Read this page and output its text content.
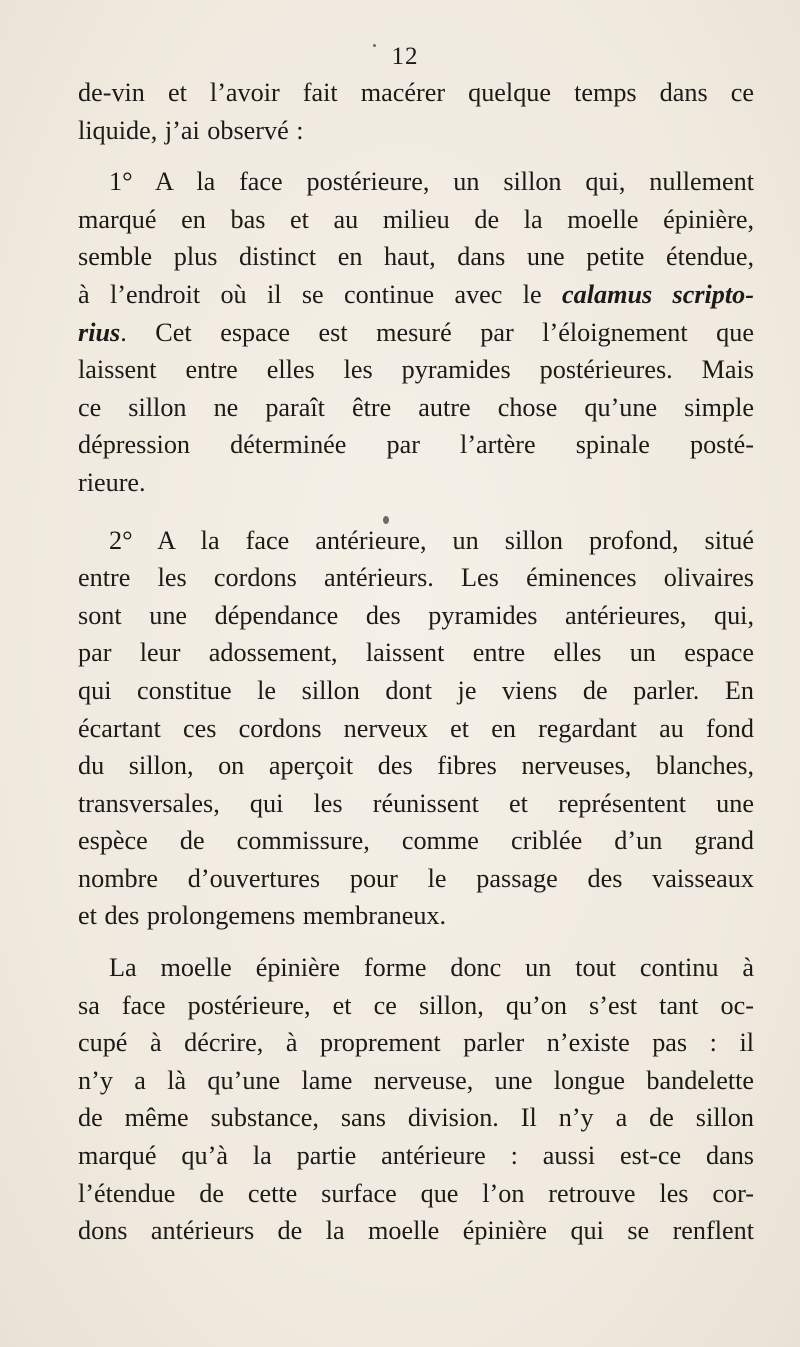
12

de-vin et l’avoir fait macérer quelque temps dans ce
liquide, j’ai observé :

1° A la face postérieure, un sillon qui, nullement
marqué en bas et au milieu de la moelle épinière,
semble plus distinct en haut, dans une petite étendue,
à l’endroit où il se continue avec le calamus scripto-
rius. Cet espace est mesuré par l’éloignement que
laissent entre elles les pyramides postérieures. Mais
ce sillon ne paraît être autre chose qu’une simple
dépression déterminée par l’artère spinale posté-
rieure.

2° A la face antérieure, un sillon profond, situé
entre les cordons antérieurs. Les éminences olivaires
sont une dépendance des pyramides antérieures, qui,
par leur adossement, laissent entre elles un espace
qui constitue le sillon dont je viens de parler. En
écartant ces cordons nerveux et en regardant au fond
du sillon, on aperçoit des fibres nerveuses, blanches,
transversales, qui les réunissent et représentent une
espèce de commissure, comme criblée d’un grand
nombre d’ouvertures pour le passage des vaisseaux
et des prolongemens membraneux.

La moelle épinière forme donc un tout continu à
sa face postérieure, et ce sillon, qu’on s’est tant oc-
cupé à décrire, à proprement parler n’existe pas : il
n’y a là qu’une lame nerveuse, une longue bandelette
de même substance, sans division. Il n’y a de sillon
marqué qu’à la partie antérieure : aussi est-ce dans
l’étendue de cette surface que l’on retrouve les cor-
dons antérieurs de la moelle épinière qui se renflent
